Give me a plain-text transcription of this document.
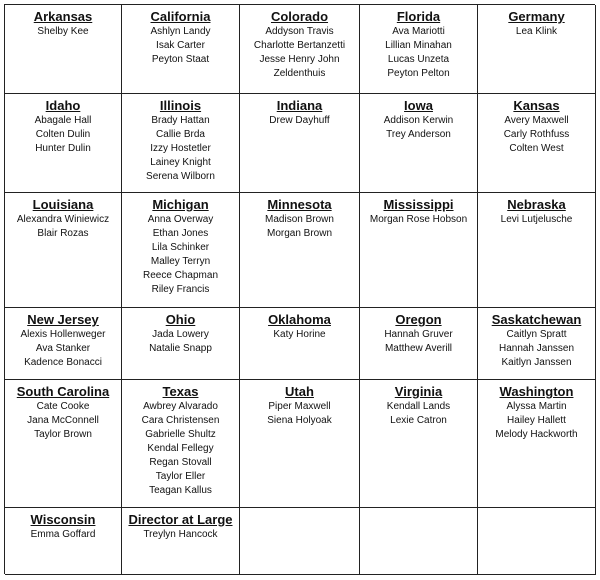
Arkansas
Shelby Kee
California
Ashlyn Landy
Isak Carter
Peyton Staat
Colorado
Addyson Travis
Charlotte Bertanzetti
Jesse Henry John
Zeldenthuis
Florida
Ava Mariotti
Lillian Minahan
Lucas Unzeta
Peyton Pelton
Germany
Lea Klink
Idaho
Abagale Hall
Colten Dulin
Hunter Dulin
Illinois
Brady Hattan
Callie Brda
Izzy Hostetler
Lainey Knight
Serena Wilborn
Indiana
Drew Dayhuff
Iowa
Addison Kerwin
Trey Anderson
Kansas
Avery Maxwell
Carly Rothfuss
Colten West
Louisiana
Alexandra Winiewicz
Blair Rozas
Michigan
Anna Overway
Ethan Jones
Lila Schinker
Malley Terryn
Reece Chapman
Riley Francis
Minnesota
Madison Brown
Morgan Brown
Mississippi
Morgan Rose Hobson
Nebraska
Levi Lutjelusche
New Jersey
Alexis Hollenweger
Ava Stanker
Kadence Bonacci
Ohio
Jada Lowery
Natalie Snapp
Oklahoma
Katy Horine
Oregon
Hannah Gruver
Matthew Averill
Saskatchewan
Caitlyn Spratt
Hannah Janssen
Kaitlyn Janssen
South Carolina
Cate Cooke
Jana McConnell
Taylor Brown
Texas
Awbrey Alvarado
Cara Christensen
Gabrielle Shultz
Kendal Fellegy
Regan Stovall
Taylor Eller
Teagan Kallus
Utah
Piper Maxwell
Siena Holyoak
Virginia
Kendall Lands
Lexie Catron
Washington
Alyssa Martin
Hailey Hallett
Melody Hackworth
Wisconsin
Emma Goffard
Director at Large
Treylyn Hancock
